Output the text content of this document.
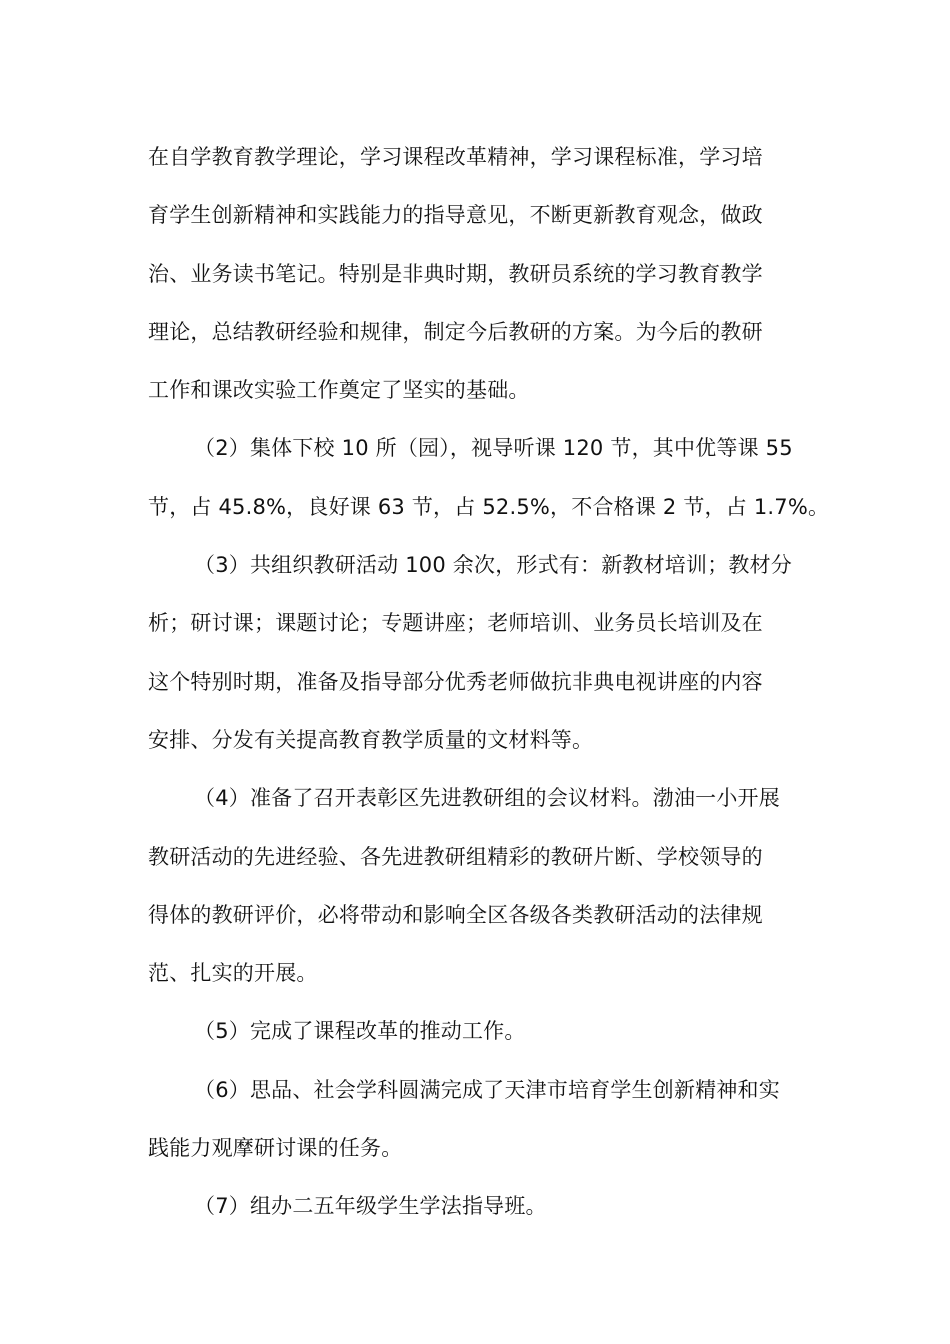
在自学教育教学理论，学习课程改革精神，学习课程标准，学习培
育学生创新精神和实践能力的指导意见，不断更新教育观念，做政
治、业务读书笔记。特别是非典时期，教研员系统的学习教育教学
理论，总结教研经验和规律，制定今后教研的方案。为今后的教研
工作和课改实验工作奠定了坚实的基础。
（2）集体下校 10 所（园），视导听课 120 节，其中优等课 55
节，占 45.8%，良好课 63 节，占 52.5%，不合格课 2 节，占 1.7%。
（3）共组织教研活动 100 余次，形式有：新教材培训；教材分
析；研讨课；课题讨论；专题讲座；老师培训、业务员长培训及在
这个特别时期，准备及指导部分优秀老师做抗非典电视讲座的内容
安排、分发有关提高教育教学质量的文材料等。
（4）准备了召开表彰区先进教研组的会议材料。渤油一小开展
教研活动的先进经验、各先进教研组精彩的教研片断、学校领导的
得体的教研评价，必将带动和影响全区各级各类教研活动的法律规
范、扎实的开展。
（5）完成了课程改革的推动工作。
（6）思品、社会学科圆满完成了天津市培育学生创新精神和实
践能力观摩研讨课的任务。
（7）组办二五年级学生学法指导班。
